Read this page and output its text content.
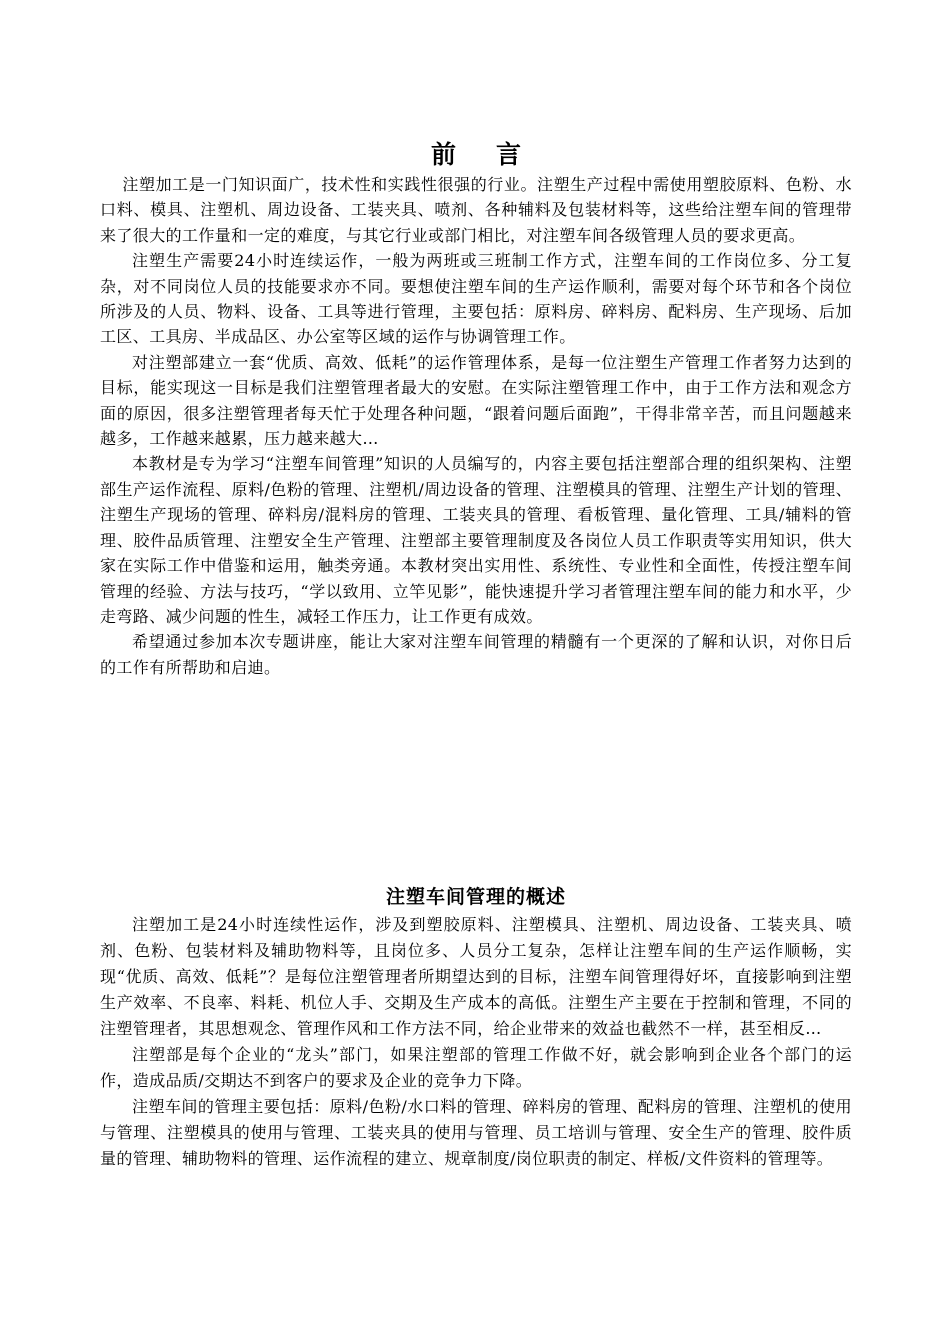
前言

注塑加工是一门知识面广，技术性和实践性很强的行业。注塑生产过程中需使用塑胶原料、色粉、水口料、模具、注塑机、周边设备、工装夹具、喷剂、各种辅料及包装材料等，这些给注塑车间的管理带来了很大的工作量和一定的难度，与其它行业或部门相比，对注塑车间各级管理人员的要求更高。

注塑生产需要24小时连续运作，一般为两班或三班制工作方式，注塑车间的工作岗位多、分工复杂，对不同岗位人员的技能要求亦不同。要想使注塑车间的生产运作顺利，需要对每个环节和各个岗位所涉及的人员、物料、设备、工具等进行管理，主要包括：原料房、碎料房、配料房、生产现场、后加工区、工具房、半成品区、办公室等区域的运作与协调管理工作。

对注塑部建立一套“优质、高效、低耗”的运作管理体系，是每一位注塑生产管理工作者努力达到的目标，能实现这一目标是我们注塑管理者最大的安慰。在实际注塑管理工作中，由于工作方法和观念方面的原因，很多注塑管理者每天忙于处理各种问题，“跟着问题后面跑”，干得非常辛苦，而且问题越来越多，工作越来越累，压力越来越大…

本教材是专为学习“注塑车间管理”知识的人员编写的，内容主要包括注塑部合理的组织架构、注塑部生产运作流程、原料/色粉的管理、注塑机/周边设备的管理、注塑模具的管理、注塑生产计划的管理、注塑生产现场的管理、碎料房/混料房的管理、工装夹具的管理、看板管理、量化管理、工具/辅料的管理、胶件品质管理、注塑安全生产管理、注塑部主要管理制度及各岗位人员工作职责等实用知识，供大家在实际工作中借鉴和运用，触类旁通。本教材突出实用性、系统性、专业性和全面性，传授注塑车间管理的经验、方法与技巧，“学以致用、立竿见影”，能快速提升学习者管理注塑车间的能力和水平，少走弯路、减少问题的性生，减轻工作压力，让工作更有成效。

希望通过参加本次专题讲座，能让大家对注塑车间管理的精髓有一个更深的了解和认识，对你日后的工作有所帮助和启迪。

注塑车间管理的概述

注塑加工是24小时连续性运作，涉及到塑胶原料、注塑模具、注塑机、周边设备、工装夹具、喷剂、色粉、包装材料及辅助物料等，且岗位多、人员分工复杂，怎样让注塑车间的生产运作顺畅，实现“优质、高效、低耗”？是每位注塑管理者所期望达到的目标，注塑车间管理得好坏，直接影响到注塑生产效率、不良率、料耗、机位人手、交期及生产成本的高低。注塑生产主要在于控制和管理，不同的注塑管理者，其思想观念、管理作风和工作方法不同，给企业带来的效益也截然不一样，甚至相反…

注塑部是每个企业的“龙头”部门，如果注塑部的管理工作做不好，就会影响到企业各个部门的运作，造成品质/交期达不到客户的要求及企业的竞争力下降。

注塑车间的管理主要包括：原料/色粉/水口料的管理、碎料房的管理、配料房的管理、注塑机的使用与管理、注塑模具的使用与管理、工装夹具的使用与管理、员工培训与管理、安全生产的管理、胶件质量的管理、辅助物料的管理、运作流程的建立、规章制度/岗位职责的制定、样板/文件资料的管理等。
